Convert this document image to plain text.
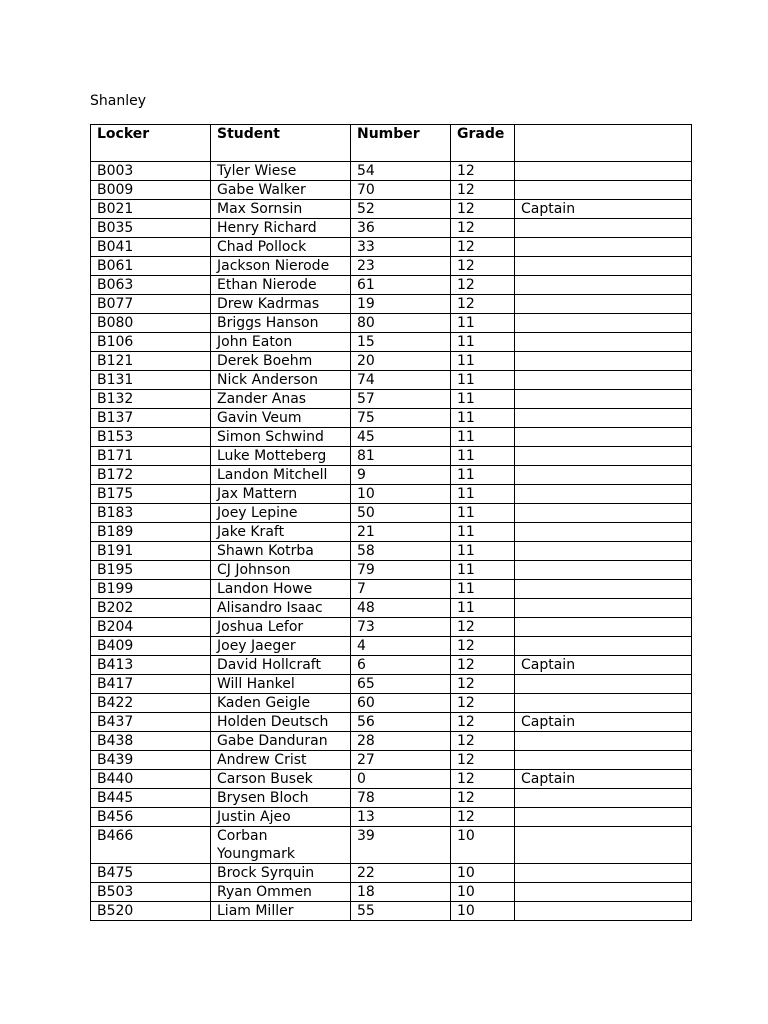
Shanley
Locker	Student	Number	Grade	
B003	Tyler Wiese	54	12	
B009	Gabe Walker	70	12	
B021	Max Sornsin	52	12	Captain
B035	Henry Richard	36	12	
B041	Chad Pollock	33	12	
B061	Jackson Nierode	23	12	
B063	Ethan Nierode	61	12	
B077	Drew Kadrmas	19	12	
B080	Briggs Hanson	80	11	
B106	John Eaton	15	11	
B121	Derek Boehm	20	11	
B131	Nick Anderson	74	11	
B132	Zander Anas	57	11	
B137	Gavin Veum	75	11	
B153	Simon Schwind	45	11	
B171	Luke Motteberg	81	11	
B172	Landon Mitchell	9	11	
B175	Jax Mattern	10	11	
B183	Joey Lepine	50	11	
B189	Jake Kraft	21	11	
B191	Shawn Kotrba	58	11	
B195	CJ Johnson	79	11	
B199	Landon Howe	7	11	
B202	Alisandro Isaac	48	11	
B204	Joshua Lefor	73	12	
B409	Joey Jaeger	4	12	
B413	David Hollcraft	6	12	Captain
B417	Will Hankel	65	12	
B422	Kaden Geigle	60	12	
B437	Holden Deutsch	56	12	Captain
B438	Gabe Danduran	28	12	
B439	Andrew Crist	27	12	
B440	Carson Busek	0	12	Captain
B445	Brysen Bloch	78	12	
B456	Justin Ajeo	13	12	
B466	Corban Youngmark	39	10	
B475	Brock Syrquin	22	10	
B503	Ryan Ommen	18	10	
B520	Liam Miller	55	10	
